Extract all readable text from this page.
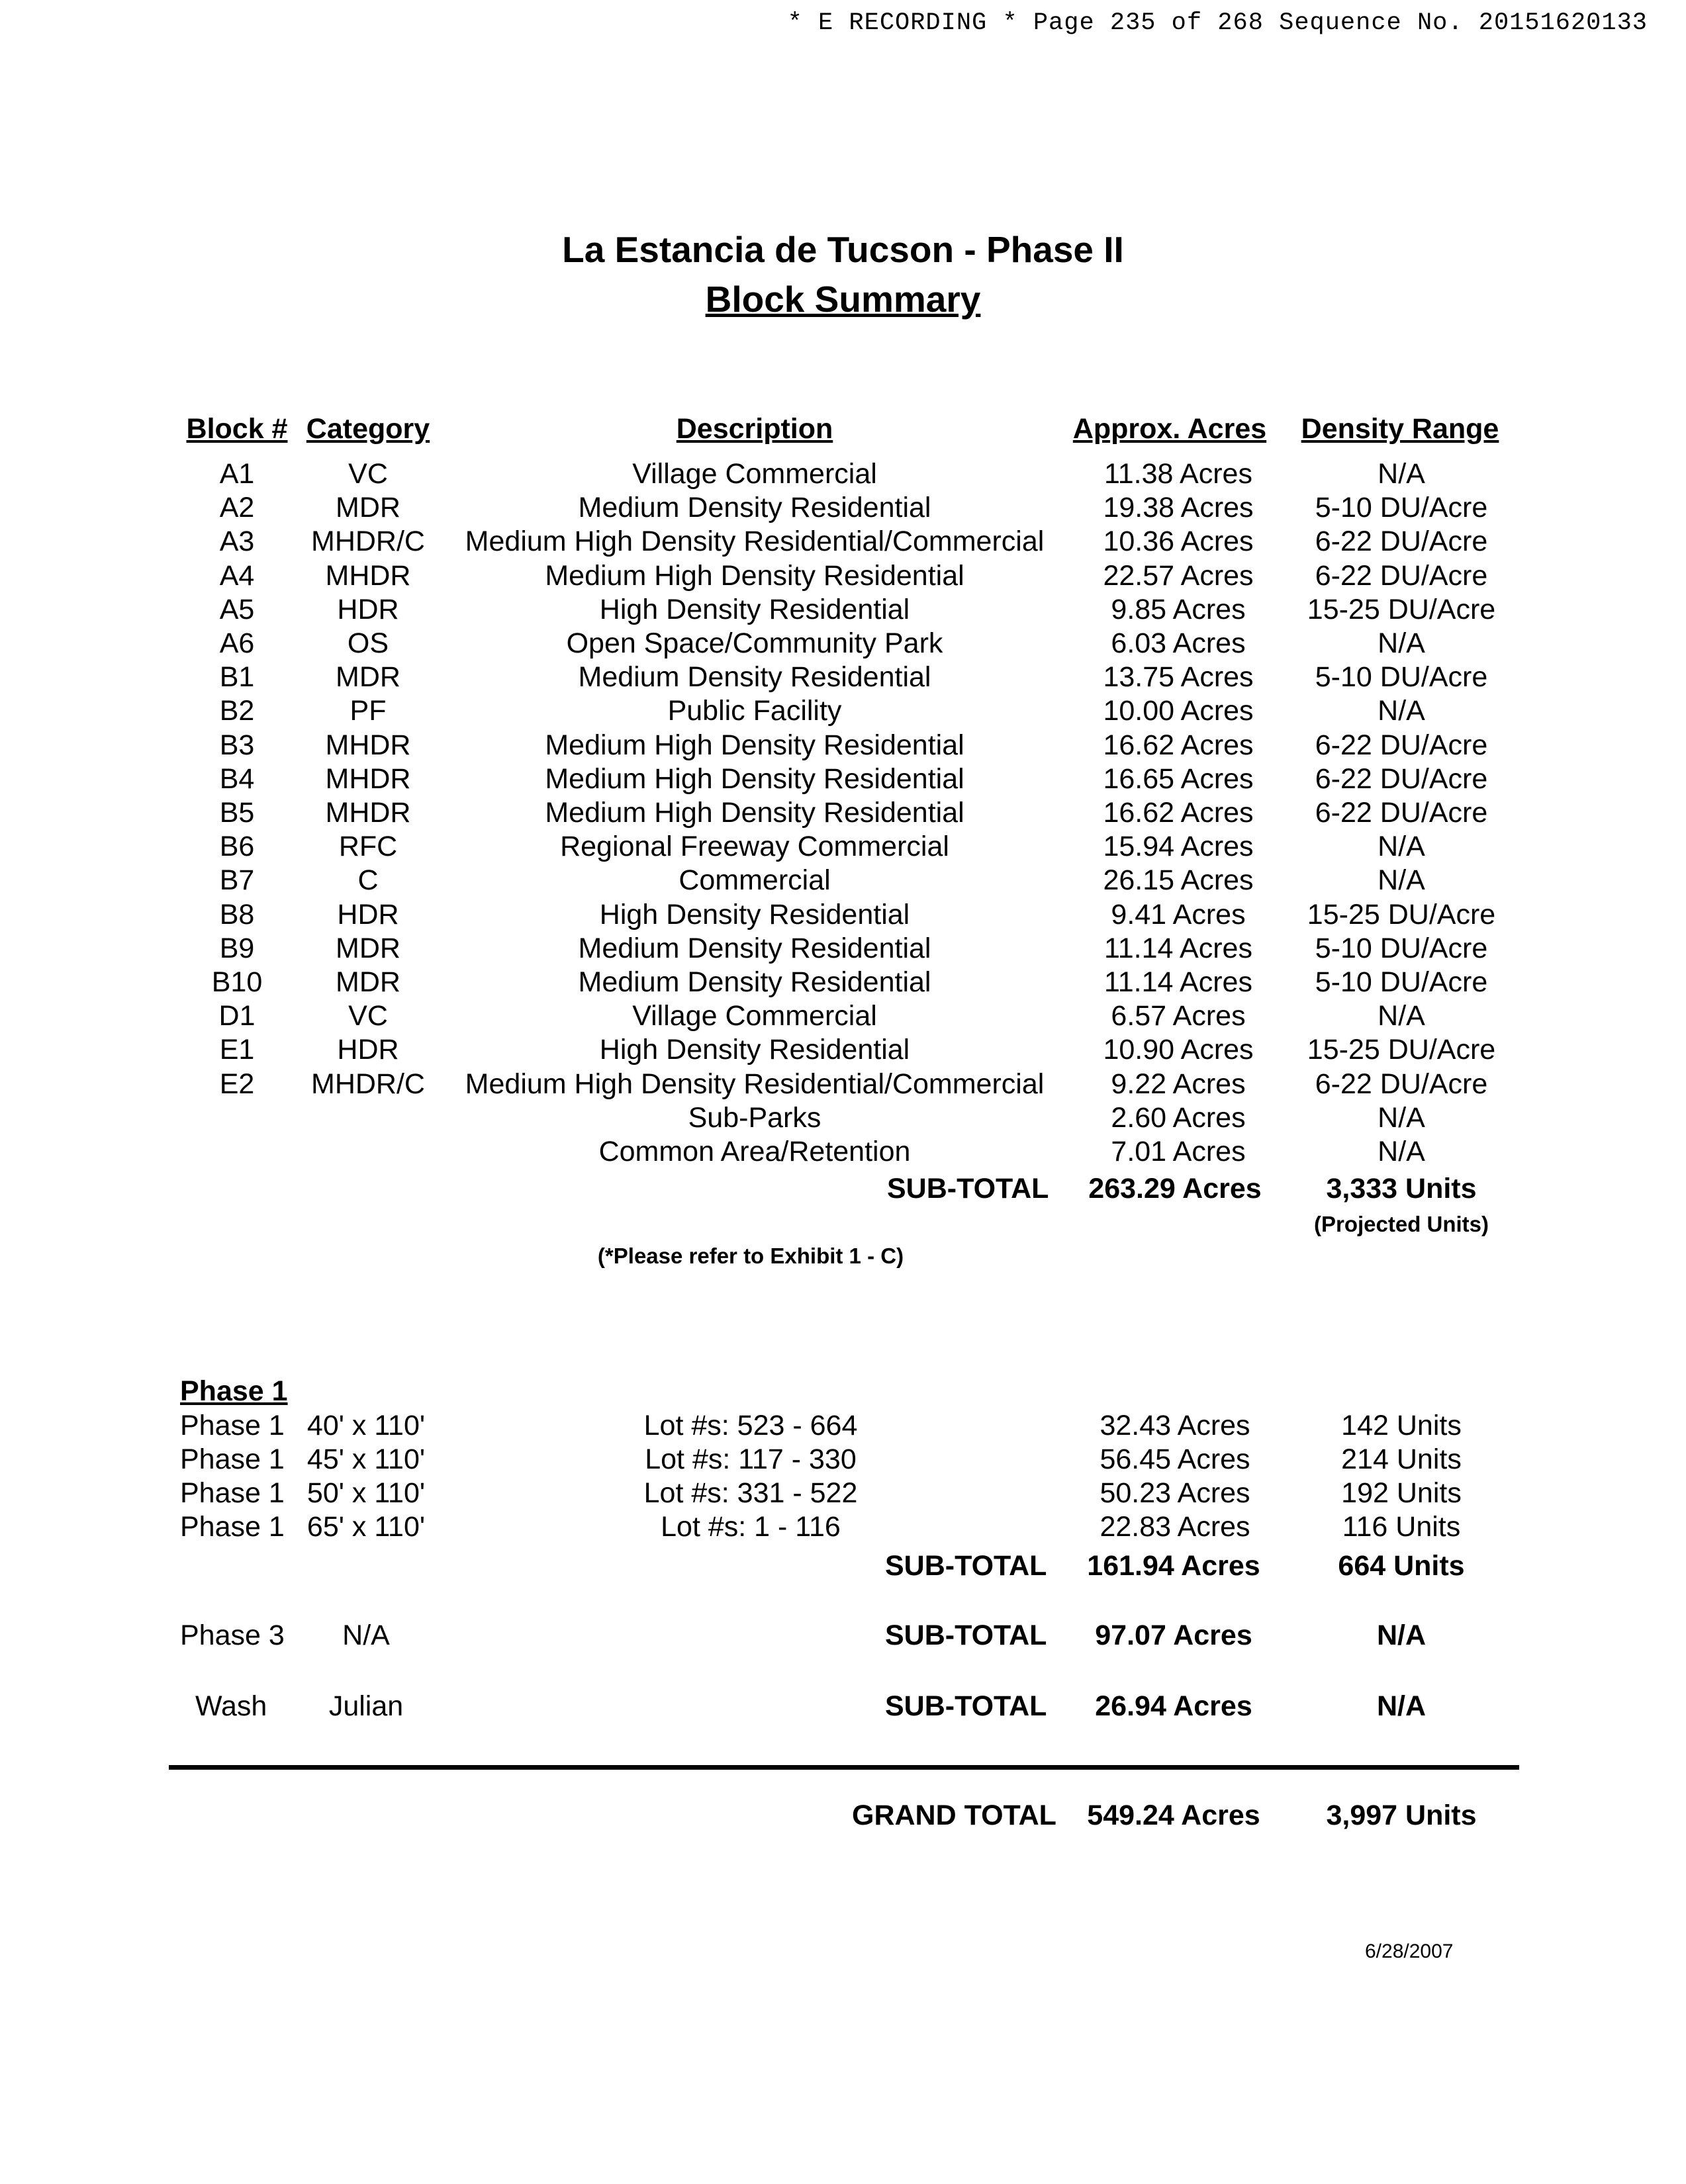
* E RECORDING * Page 235 of 268 Sequence No. 20151620133
La Estancia de Tucson - Phase II
Block Summary
Block # Category	Description	Approx. Acres Density Range
A1	VC	Village Commercial	11.38 Acres	N/A
A2	MDR	Medium Density Residential	19.38 Acres 5-10 DU/Acre
A3 MHDR/C Medium High Density Residential/Commercial 10.36 Acres 6-22 DU/Acre
A4 MHDR	Medium High Density Residential	22.57 Acres 6-22 DU/Acre
A5	HDR	High Density Residential	9.85 Acres 15-25 DU/Acre
A6	OS	Open Space/Community Park	6.03 Acres	N/A
B1	MDR	Medium Density Residential	13.75 Acres 5-10 DU/Acre
B2	PF	Public Facility	10.00 Acres	N/A
B3 MHDR	Medium High Density Residential	16.62 Acres 6-22 DU/Acre
B4 MHDR	Medium High Density Residential	16.65 Acres 6-22 DU/Acre
B5 MHDR	Medium High Density Residential	16.62 Acres 6-22 DU/Acre
B6	RFC	Regional Freeway Commercial	15.94 Acres	N/A
B7	C	Commercial	26.15 Acres	N/A
B8	HDR	High Density Residential	9.41 Acres 15-25 DU/Acre
B9	MDR	Medium Density Residential	11.14 Acres 5-10 DU/Acre
B10	MDR	Medium Density Residential	11.14 Acres 5-10 DU/Acre
D1	VC	Village Commercial	6.57 Acres	N/A
E1	HDR	High Density Residential	10.90 Acres 15-25 DU/Acre
E2 MHDR/C Medium High Density Residential/Commercial 9.22 Acres 6-22 DU/Acre
Sub-Parks	2.60 Acres	N/A
Common Area/Retention	7.01 Acres	N/A
SUB-TOTAL 263.29 Acres 3,333 Units
(Projected Units)
(*Please refer to Exhibit 1 - C)
Phase 1
Phase 1 40' x 110'	Lot #s: 523 - 664	32.43 Acres	142 Units
Phase 1 45' x 110'	Lot #s: 117 - 330	56.45 Acres	214 Units
Phase 1 50' x 110'	Lot #s: 331 - 522	50.23 Acres	192 Units
Phase 1 65' x 110'	Lot #s: 1 - 116	22.83 Acres	116 Units
SUB-TOTAL 161.94 Acres	664 Units
Phase 3 N/A	SUB-TOTAL 97.07 Acres	N/A
Wash Julian	SUB-TOTAL 26.94 Acres	N/A
GRAND TOTAL 549.24 Acres 3,997 Units
6/28/2007
